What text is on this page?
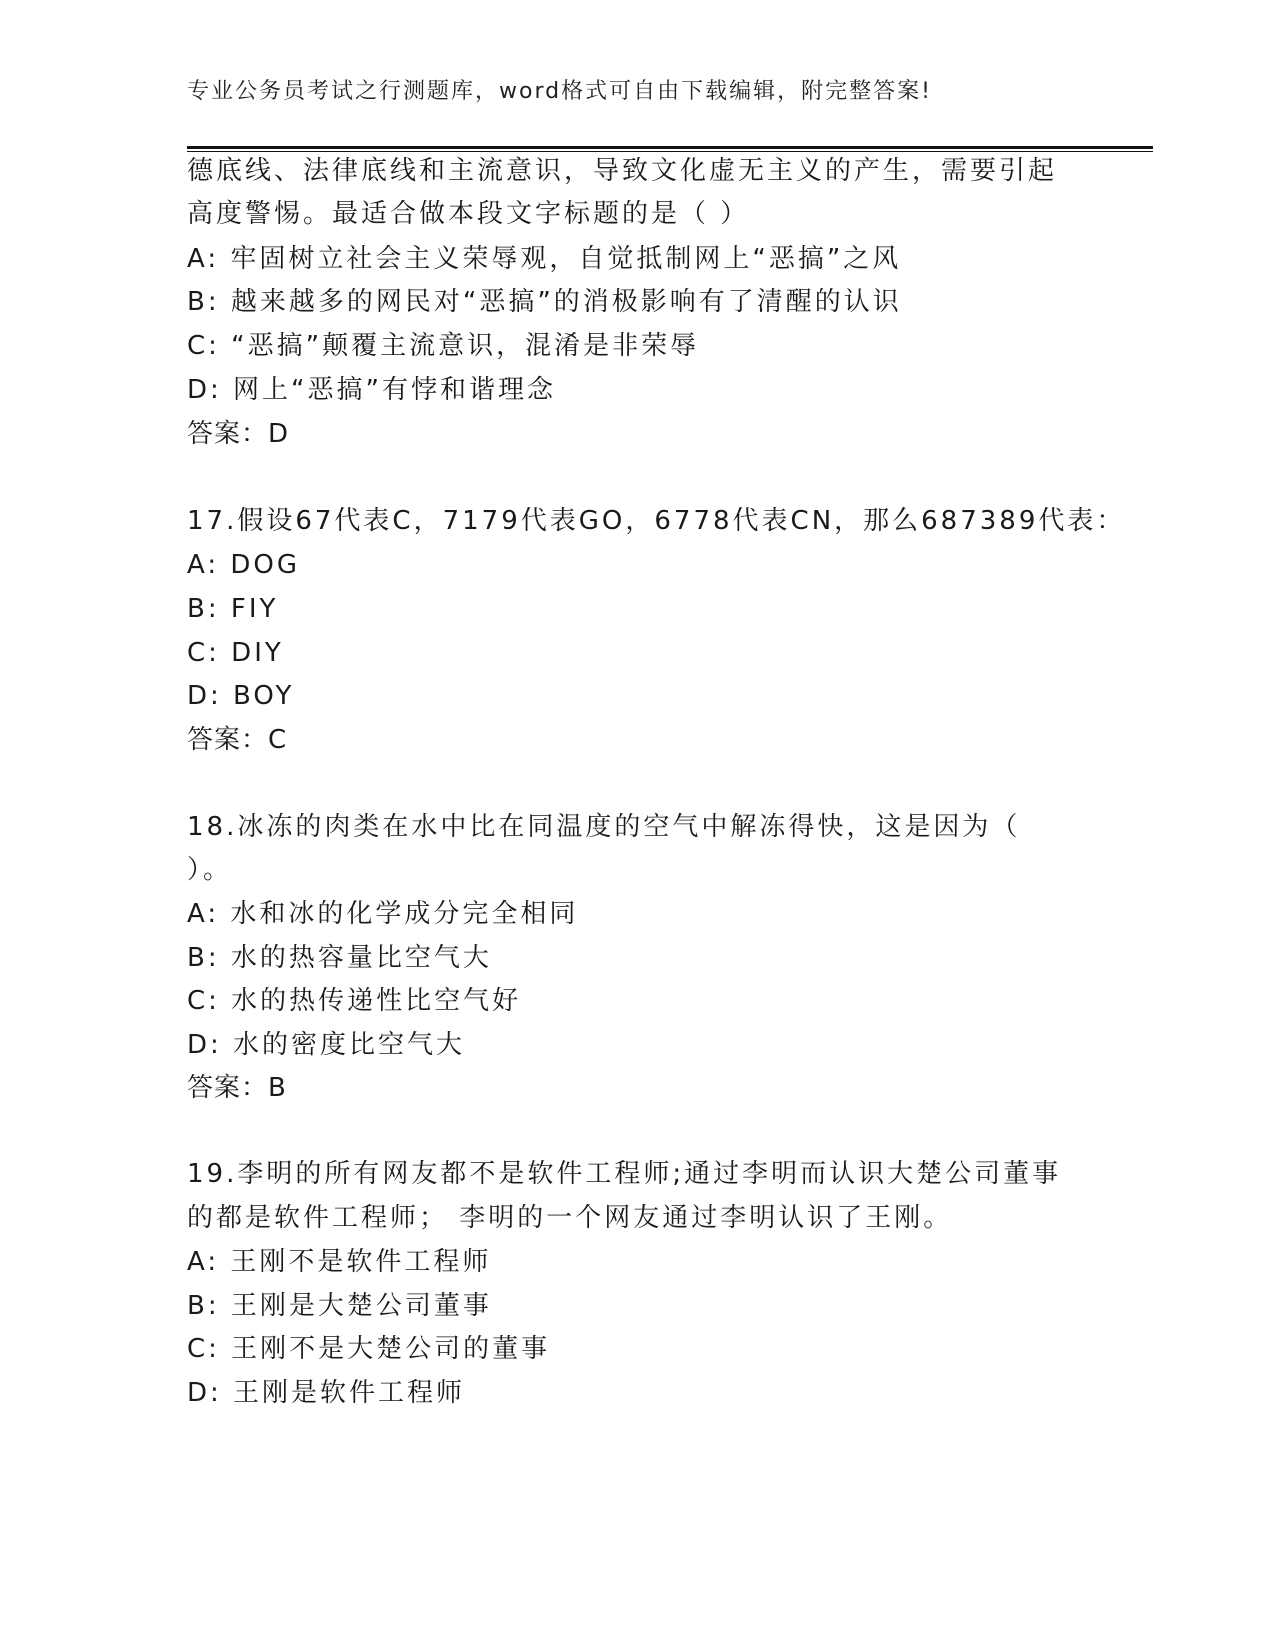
专业公务员考试之行测题库，word格式可自由下载编辑，附完整答案!
德底线、法律底线和主流意识，导致文化虚无主义的产生，需要引起
高度警惕。最适合做本段文字标题的是（ ）
A: 牢固树立社会主义荣辱观，自觉抵制网上“恶搞”之风
B: 越来越多的网民对“恶搞”的消极影响有了清醒的认识
C: “恶搞”颠覆主流意识，混淆是非荣辱
D: 网上“恶搞”有悖和谐理念
答案：D
17.假设67代表C，7179代表GO，6778代表CN，那么687389代表：
A: DOG
B: FIY
C: DIY
D: BOY
答案：C
18.冰冻的肉类在水中比在同温度的空气中解冻得快，这是因为（
）。
A: 水和冰的化学成分完全相同
B: 水的热容量比空气大
C: 水的热传递性比空气好
D: 水的密度比空气大
答案：B
19.李明的所有网友都不是软件工程师;通过李明而认识大楚公司董事
的都是软件工程师； 李明的一个网友通过李明认识了王刚。
A: 王刚不是软件工程师
B: 王刚是大楚公司董事
C: 王刚不是大楚公司的董事
D: 王刚是软件工程师
